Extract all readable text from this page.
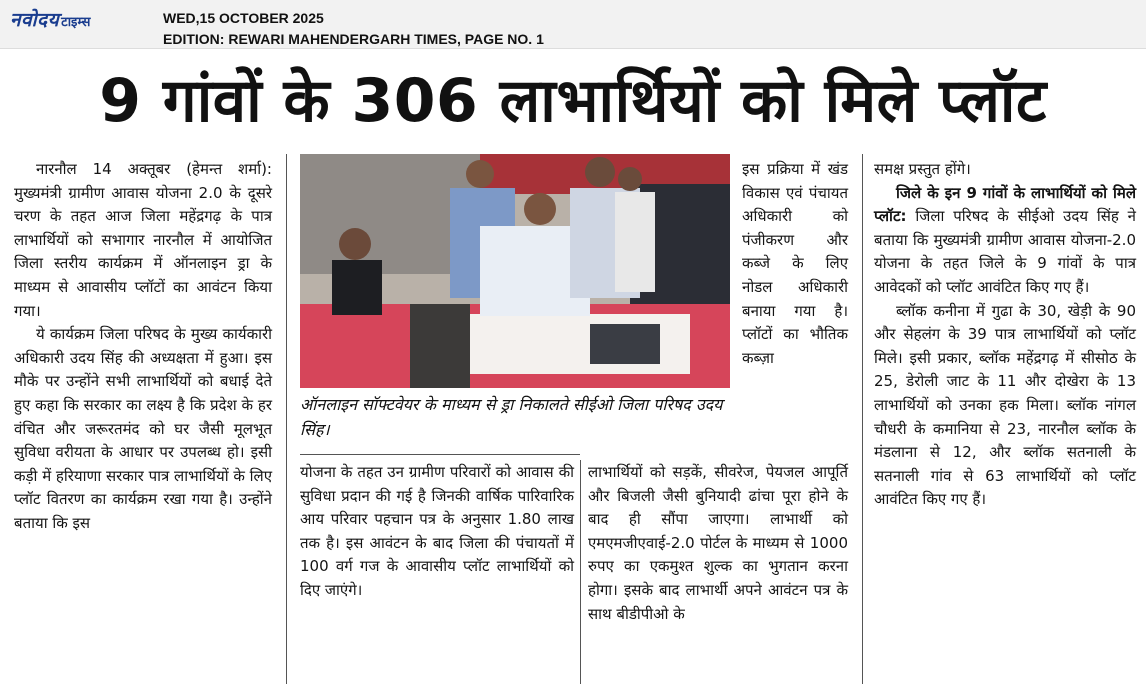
नवोदय टाइम्स	WED,15 OCTOBER 2025
EDITION: REWARI MAHENDERGARH TIMES, PAGE NO. 1
9 गांवों के 306 लाभार्थियों को मिले प्लॉट

नारनौल 14 अक्तूबर (हेमन्त शर्मा): मुख्यमंत्री ग्रामीण आवास योजना 2.0 के दूसरे चरण के तहत आज जिला महेंद्रगढ़ के पात्र लाभार्थियों को सभागार नारनौल में आयोजित जिला स्तरीय कार्यक्रम में ऑनलाइन ड्रा के माध्यम से आवासीय प्लॉटों का आवंटन किया गया।

ये कार्यक्रम जिला परिषद के मुख्य कार्यकारी अधिकारी उदय सिंह की अध्यक्षता में हुआ। इस मौके पर उन्होंने सभी लाभार्थियों को बधाई देते हुए कहा कि सरकार का लक्ष्य है कि प्रदेश के हर वंचित और जरूरतमंद को घर जैसी मूलभूत सुविधा वरीयता के आधार पर उपलब्ध हो। इसी कड़ी में हरियाणा सरकार पात्र लाभार्थियों के लिए प्लॉट वितरण का कार्यक्रम रखा गया है। उन्होंने बताया कि इस

ऑनलाइन सॉफ्टवेयर के माध्यम से ड्रा निकालते सीईओ जिला परिषद उदय सिंह।

इस प्रक्रिया में खंड विकास एवं पंचायत अधिकारी को पंजीकरण और कब्जे के लिए नोडल अधिकारी बनाया गया है। प्लॉटों का भौतिक कब्ज़ा

योजना के तहत उन ग्रामीण परिवारों को आवास की सुविधा प्रदान की गई है जिनकी वार्षिक पारिवारिक आय परिवार पहचान पत्र के अनुसार 1.80 लाख तक है। इस आवंटन के बाद जिला की पंचायतों में 100 वर्ग गज के आवासीय प्लॉट लाभार्थियों को दिए जाएंगे।

लाभार्थियों को सड़कें, सीवरेज, पेयजल आपूर्ति और बिजली जैसी बुनियादी ढांचा पूरा होने के बाद ही सौंपा जाएगा। लाभार्थी को एमएमजीएवाई-2.0 पोर्टल के माध्यम से 1000 रुपए का एकमुश्त शुल्क का भुगतान करना होगा। इसके बाद लाभार्थी अपने आवंटन पत्र के साथ बीडीपीओ के

समक्ष प्रस्तुत होंगे।

जिले के इन 9 गांवों के लाभार्थियों को मिले प्लॉट: जिला परिषद के सीईओ उदय सिंह ने बताया कि मुख्यमंत्री ग्रामीण आवास योजना-2.0 योजना के तहत जिले के 9 गांवों के पात्र आवेदकों को प्लॉट आवंटित किए गए हैं।

ब्लॉक कनीना में गुढा के 30, खेड़ी के 90 और सेहलंग के 39 पात्र लाभार्थियों को प्लॉट मिले। इसी प्रकार, ब्लॉक महेंद्रगढ़ में सीसोठ के 25, डेरोली जाट के 11 और दोखेरा के 13 लाभार्थियों को उनका हक मिला। ब्लॉक नांगल चौधरी के कमानिया से 23, नारनौल ब्लॉक के मंडलाना से 12, और ब्लॉक सतनाली के सतनाली गांव से 63 लाभार्थियों को प्लॉट आवंटित किए गए हैं।
